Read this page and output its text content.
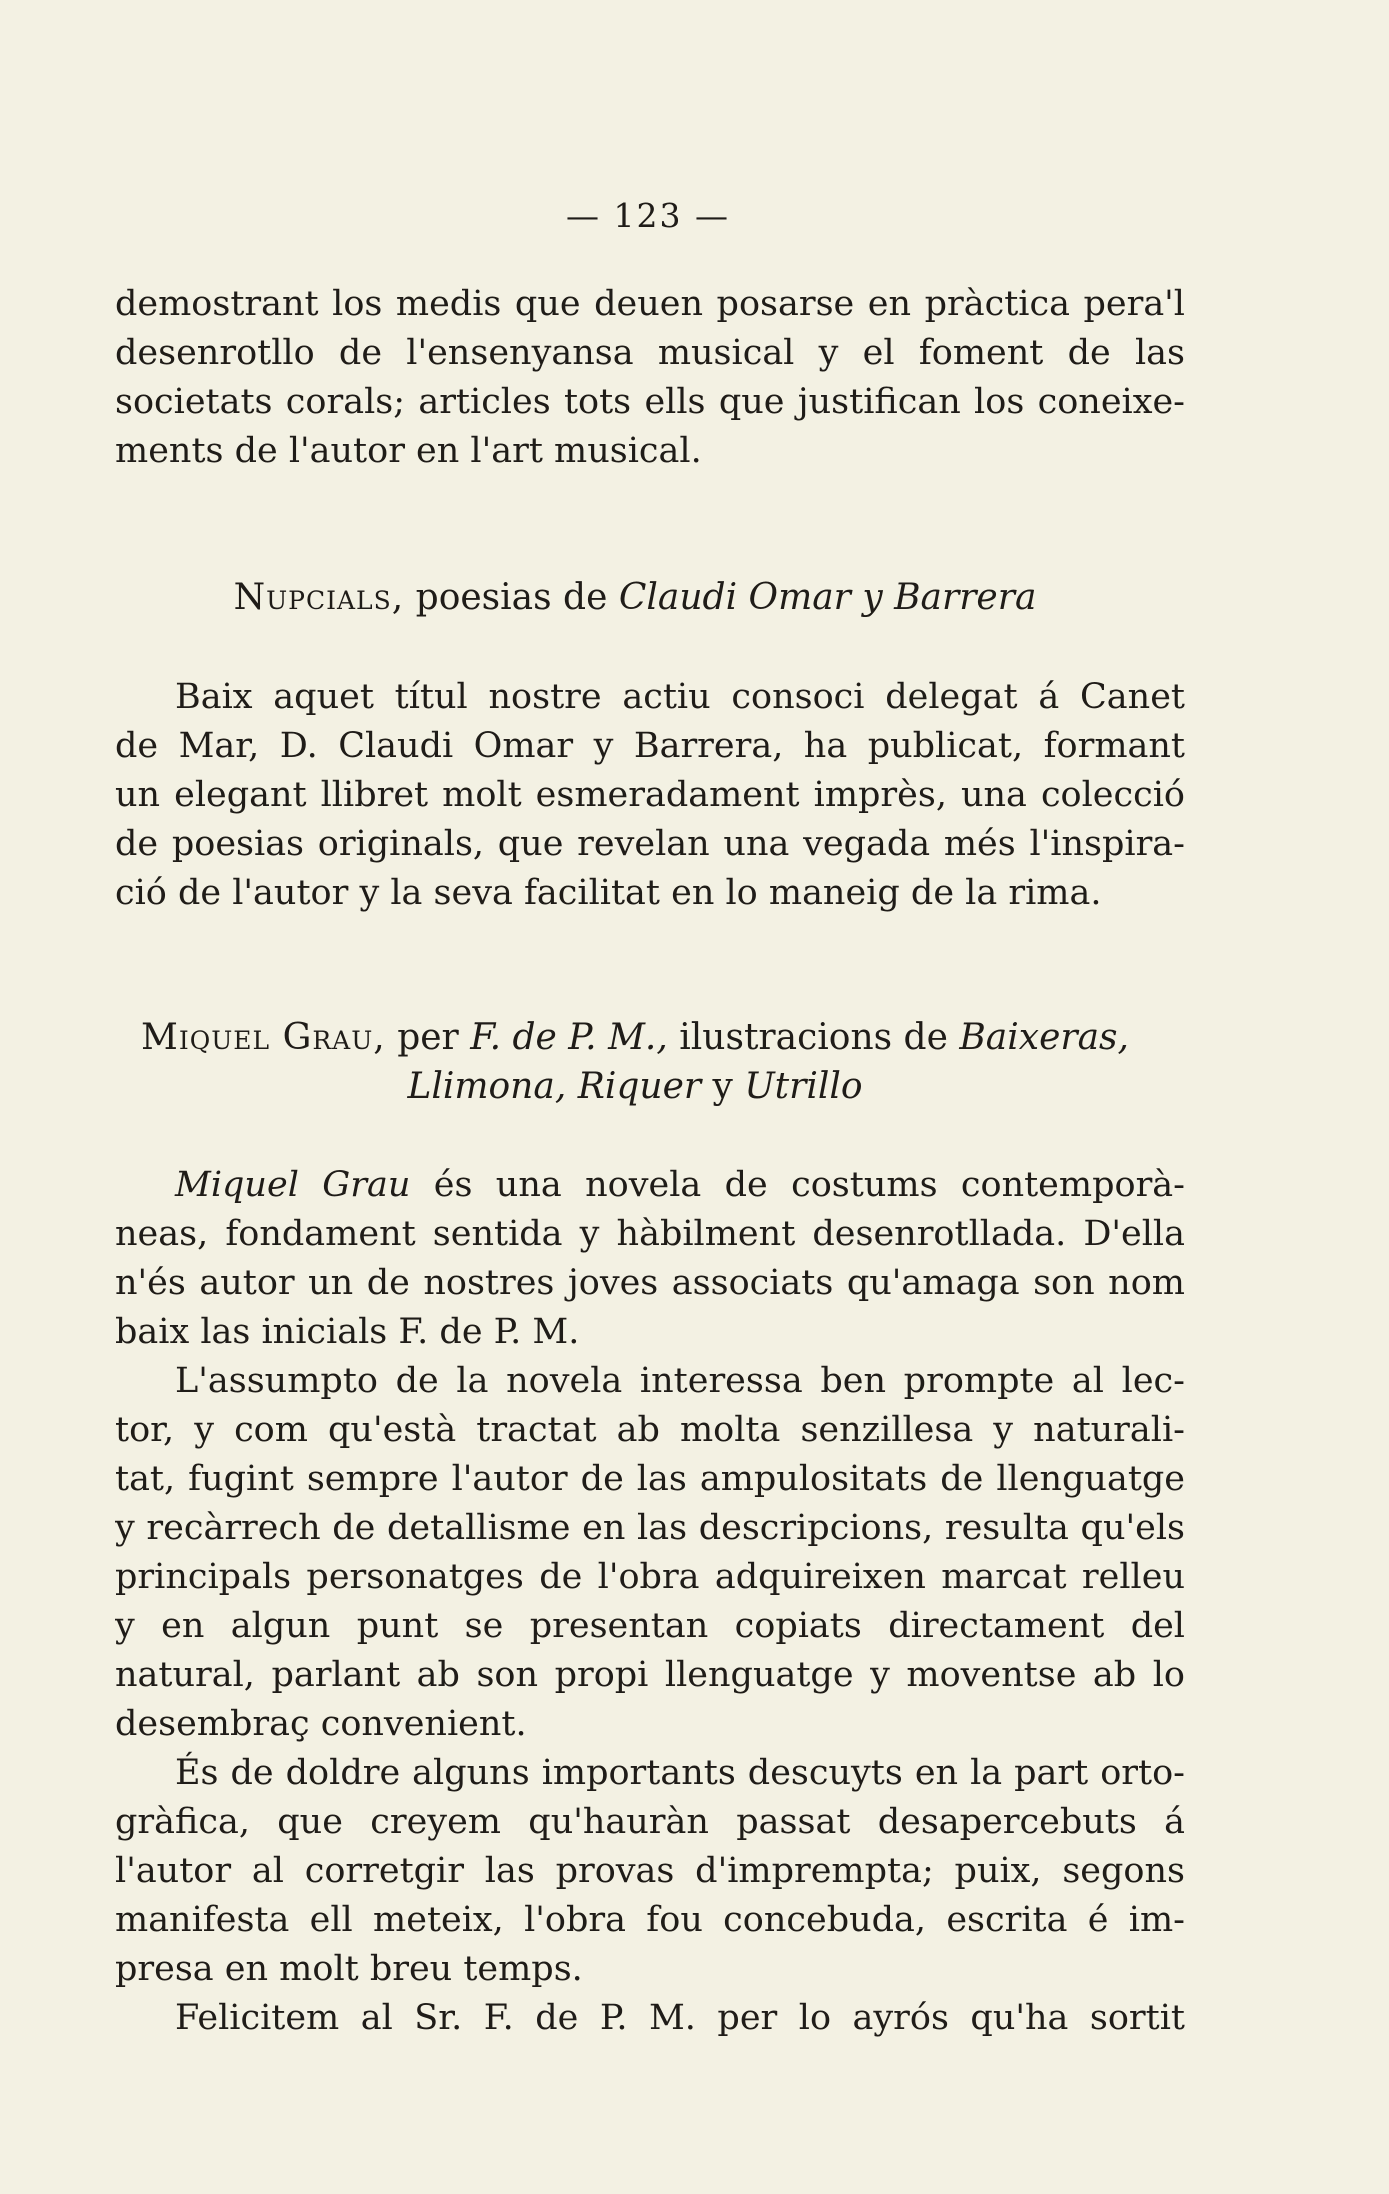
— 123 —
demostrant los medis que deuen posarse en pràctica pera'l
desenrotllo de l'ensenyansa musical y el foment de las
societats corals; articles tots ells que justifican los coneixe-
ments de l'autor en l'art musical.
Nupcials, poesias de Claudi Omar y Barrera
Baix aquet títul nostre actiu consoci delegat á Canet
de Mar, D. Claudi Omar y Barrera, ha publicat, formant
un elegant llibret molt esmeradament imprès, una colecció
de poesias originals, que revelan una vegada més l'inspira-
ció de l'autor y la seva facilitat en lo maneig de la rima.
Miquel Grau, per F. de P. M., ilustracions de Baixeras,
Llimona, Riquer y Utrillo
Miquel Grau és una novela de costums contemporà-
neas, fondament sentida y hàbilment desenrotllada. D'ella
n'és autor un de nostres joves associats qu'amaga son nom
baix las inicials F. de P. M.
L'assumpto de la novela interessa ben prompte al lec-
tor, y com qu'està tractat ab molta senzillesa y naturali-
tat, fugint sempre l'autor de las ampulositats de llenguatge
y recàrrech de detallisme en las descripcions, resulta qu'els
principals personatges de l'obra adquireixen marcat relleu
y en algun punt se presentan copiats directament del
natural, parlant ab son propi llenguatge y moventse ab lo
desembraç convenient.
És de doldre alguns importants descuyts en la part orto-
gràfica, que creyem qu'hauràn passat desapercebuts á
l'autor al corretgir las provas d'imprempta; puix, segons
manifesta ell meteix, l'obra fou concebuda, escrita é im-
presa en molt breu temps.
Felicitem al Sr. F. de P. M. per lo ayrós qu'ha sortit
